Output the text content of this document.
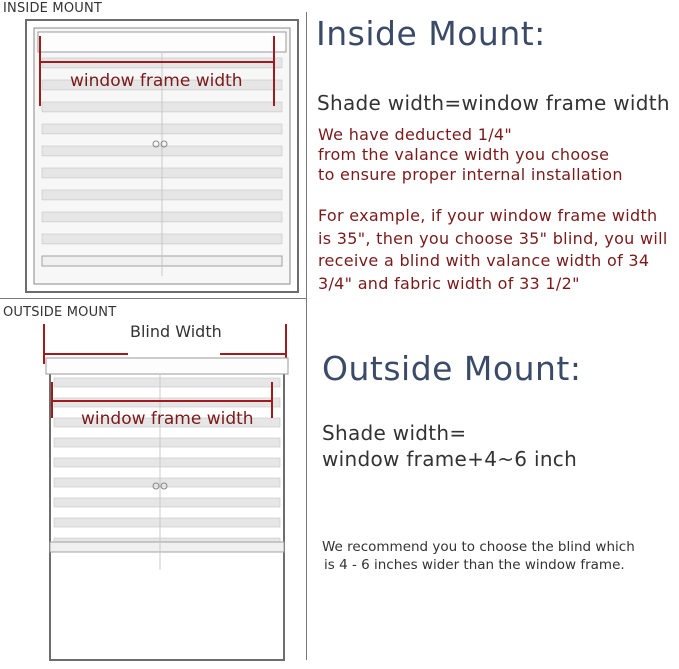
INSIDE MOUNT
window frame width
OUTSIDE MOUNT
Blind Width
window frame width
Inside Mount:
Shade width=window frame width
We have deducted 1/4"
from the valance width you choose
to ensure proper internal installation
For example, if your window frame width
is 35", then you choose 35" blind, you will
receive a blind with valance width of 34
3/4" and fabric width of 33 1/2"
Outside Mount:
Shade width=
window frame+4~6 inch
We recommend you to choose the blind which
is 4 - 6 inches wider than the window frame.
